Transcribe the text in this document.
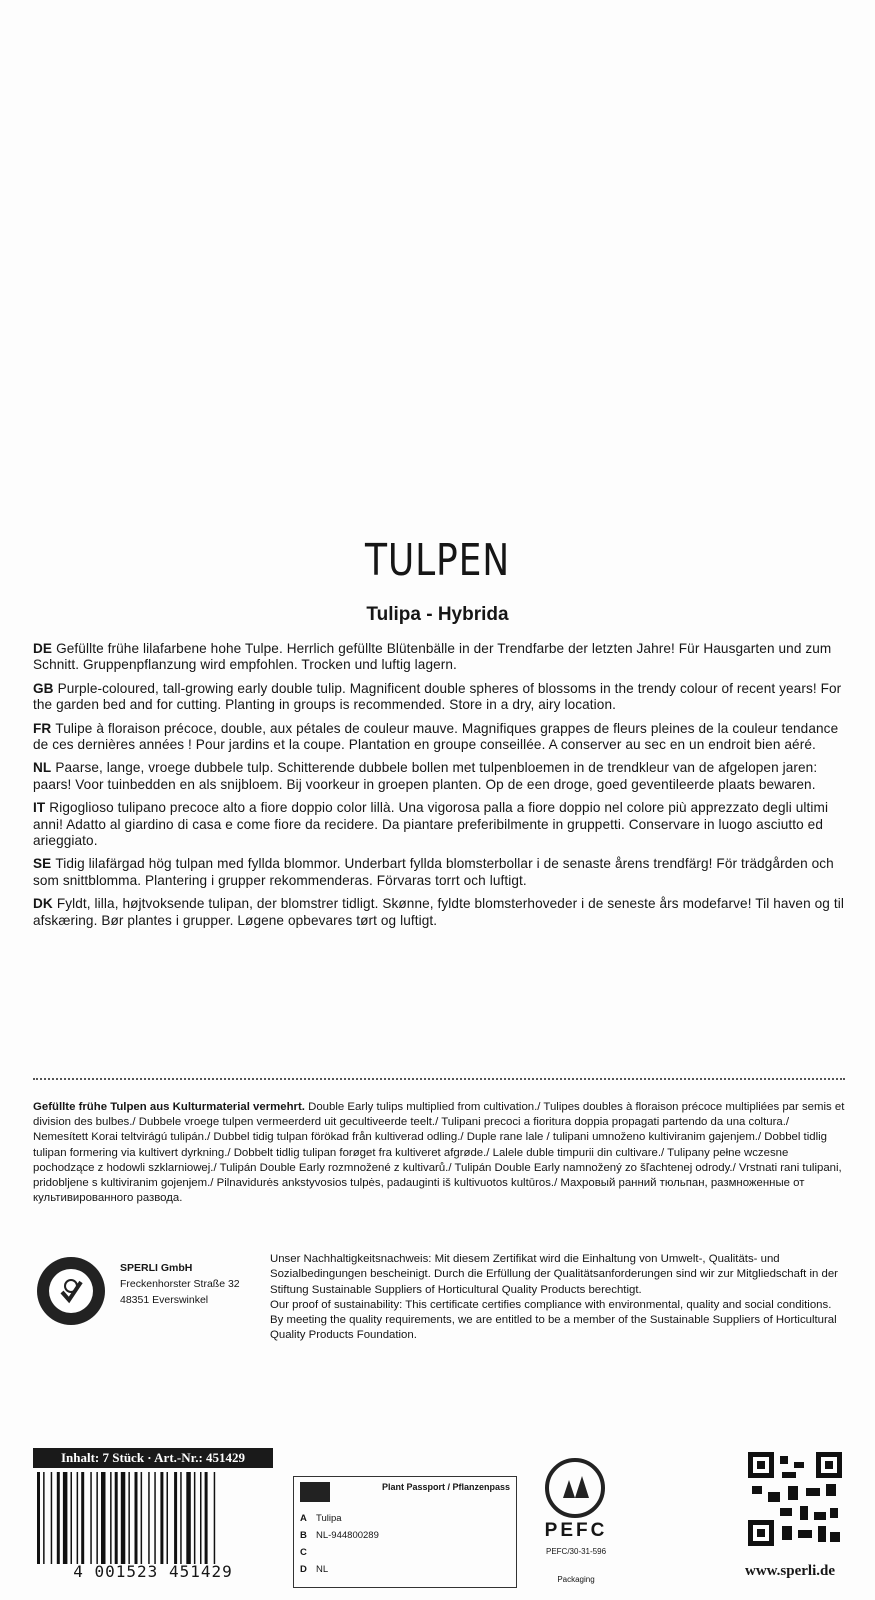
TULPEN
Tulipa - Hybrida

DE Gefüllte frühe lilafarbene hohe Tulpe. Herrlich gefüllte Blütenbälle in der Trendfarbe der letzten Jahre! Für Hausgarten und zum Schnitt. Gruppenpflanzung wird empfohlen. Trocken und luftig lagern.

GB Purple-coloured, tall-growing early double tulip. Magnificent double spheres of blossoms in the trendy colour of recent years! For the garden bed and for cutting. Planting in groups is recommended. Store in a dry, airy location.

FR Tulipe à floraison précoce, double, aux pétales de couleur mauve. Magnifiques grappes de fleurs pleines de la couleur tendance de ces dernières années ! Pour jardins et la coupe. Plantation en groupe conseillée. A conserver au sec en un endroit bien aéré.

NL Paarse, lange, vroege dubbele tulp. Schitterende dubbele bollen met tulpenbloemen in de trendkleur van de afgelopen jaren: paars! Voor tuinbedden en als snijbloem. Bij voorkeur in groepen planten. Op de een droge, goed geventileerde plaats bewaren.

IT Rigoglioso tulipano precoce alto a fiore doppio color lillà. Una vigorosa palla a fiore doppio nel colore più apprezzato degli ultimi anni! Adatto al giardino di casa e come fiore da recidere. Da piantare preferibilmente in gruppetti. Conservare in luogo asciutto ed arieggiato.

SE Tidig lilafärgad hög tulpan med fyllda blommor. Underbart fyllda blomsterbollar i de senaste årens trendfärg! För trädgården och som snittblomma. Plantering i grupper rekommenderas. Förvaras torrt och luftigt.

DK Fyldt, lilla, højtvoksende tulipan, der blomstrer tidligt. Skønne, fyldte blomsterhoveder i de seneste års modefarve! Til haven og til afskæring. Bør plantes i grupper. Løgene opbevares tørt og luftigt.

Gefüllte frühe Tulpen aus Kulturmaterial vermehrt. Double Early tulips multiplied from cultivation./ Tulipes doubles à floraison précoce multipliées par semis et division des bulbes./ Dubbele vroege tulpen vermeerderd uit gecultiveerde teelt./ Tulipani precoci a fioritura doppia propagati partendo da una coltura./ Nemesített Korai teltvirágú tulipán./ Dubbel tidig tulpan förökad från kultiverad odling./ Duple rane lale / tulipani umnoženo kultiviranim gajenjem./ Dobbel tidlig tulipan formering via kultivert dyrkning./ Dobbelt tidlig tulipan forøget fra kultiveret afgrøde./ Lalele duble timpurii din cultivare./ Tulipany pełne wczesne pochodzące z hodowli szklarniowej./ Tulipán Double Early rozmnožené z kultivarů./ Tulipán Double Early namnožený zo šľachtenej odrody./ Vrstnati rani tulipani, pridobljene s kultiviranim gojenjem./ Pilnavidurės ankstyvosios tulpės, padauginti iš kultivuotos kultūros./ Махровый ранний тюльпан, размноженные от культивированного развода.
SPERLI GmbH
Freckenhorster Straße 32
48351 Everswinkel
Unser Nachhaltigkeitsnachweis: Mit diesem Zertifikat wird die Einhaltung von Umwelt-, Qualitäts- und Sozialbedingungen bescheinigt. Durch die Erfüllung der Qualitätsanforderungen sind wir zur Mitgliedschaft in der Stiftung Sustainable Suppliers of Horticultural Quality Products berechtigt.
Our proof of sustainability: This certificate certifies compliance with environmental, quality and social conditions. By meeting the quality requirements, we are entitled to be a member of the Sustainable Suppliers of Horticultural Quality Products Foundation.
Inhalt: 7 Stück · Art.-Nr.: 451429
4 001523 451429
Plant Passport / Pflanzenpass
A Tulipa
B NL-944800289
C
D NL
PEFC
PEFC/30-31-596
Packaging
www.sperli.de
